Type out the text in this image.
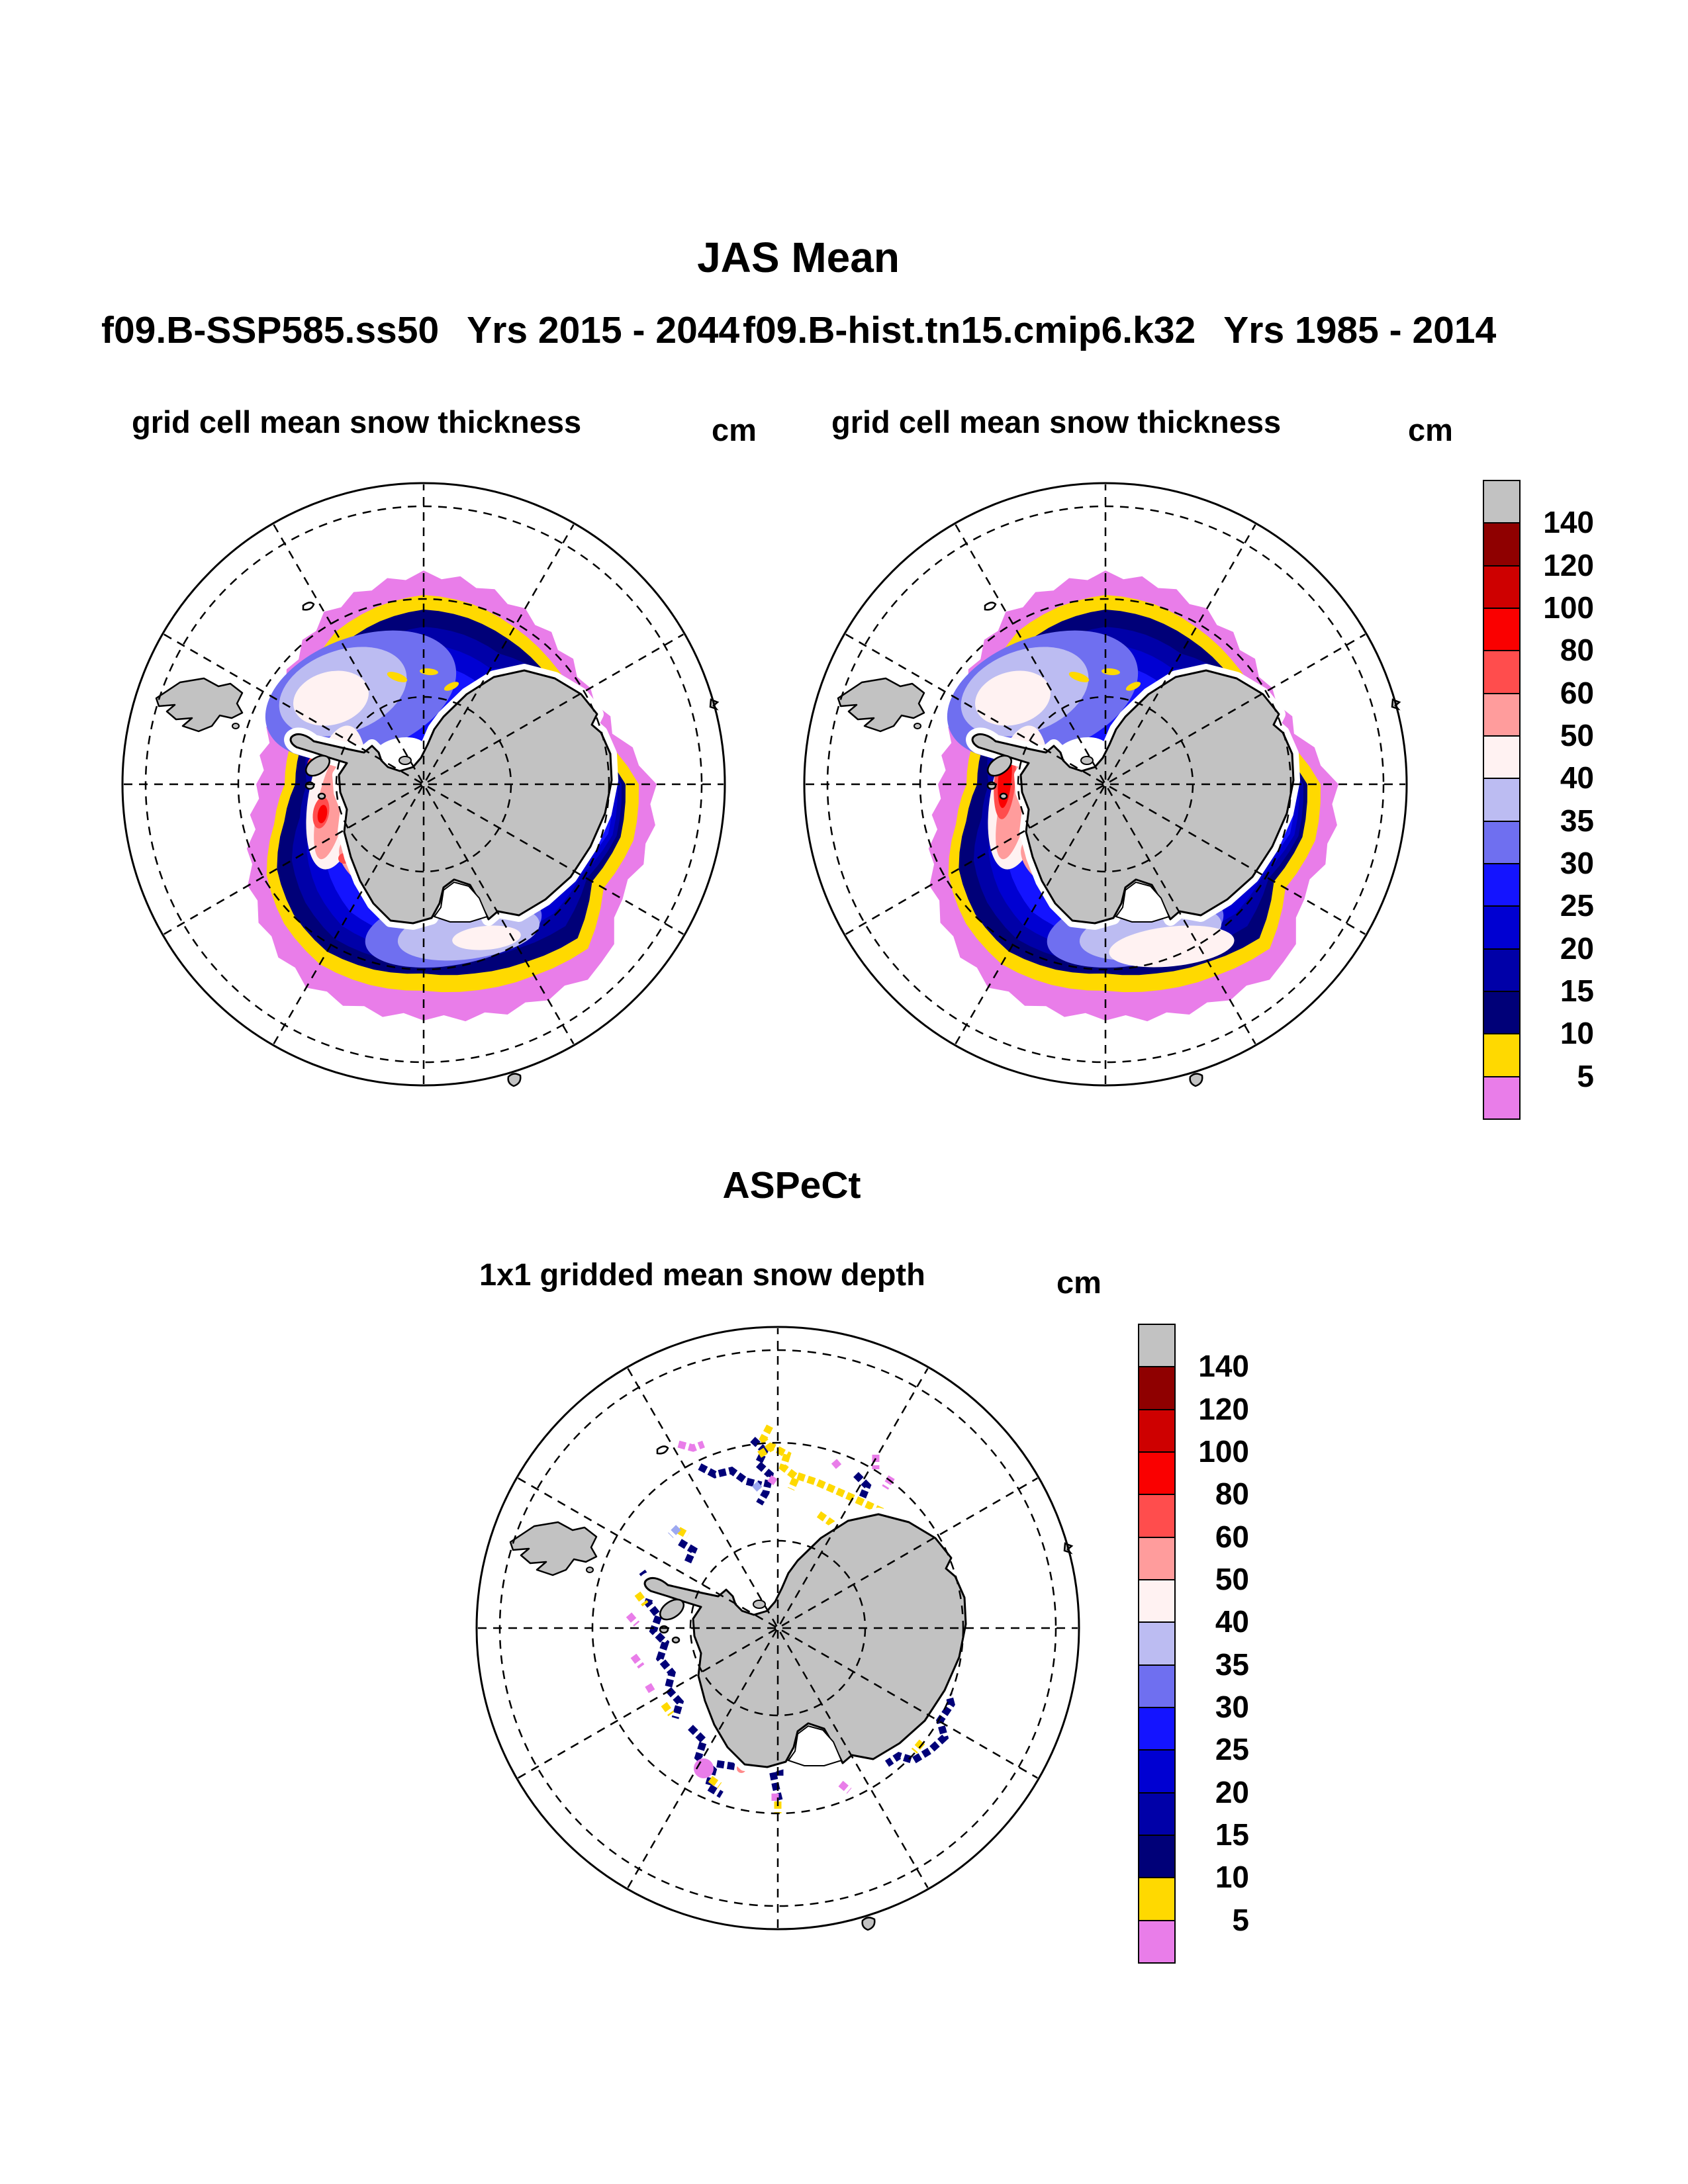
JAS Mean
f09.B-SSP585.ss50 Yrs 2015 - 2044 f09.B-hist.tn15.cmip6.k32 Yrs 1985 - 2014
grid cell mean snow thickness	cm grid cell mean snow thickness	cm
ASPeCt
1x1 gridded mean snow depth	cm
140
120
100
80
60
50
40
35
30
25
20
15
10
5
140
120
100
80
60
50
40
35
30
25
20
15
10
5
